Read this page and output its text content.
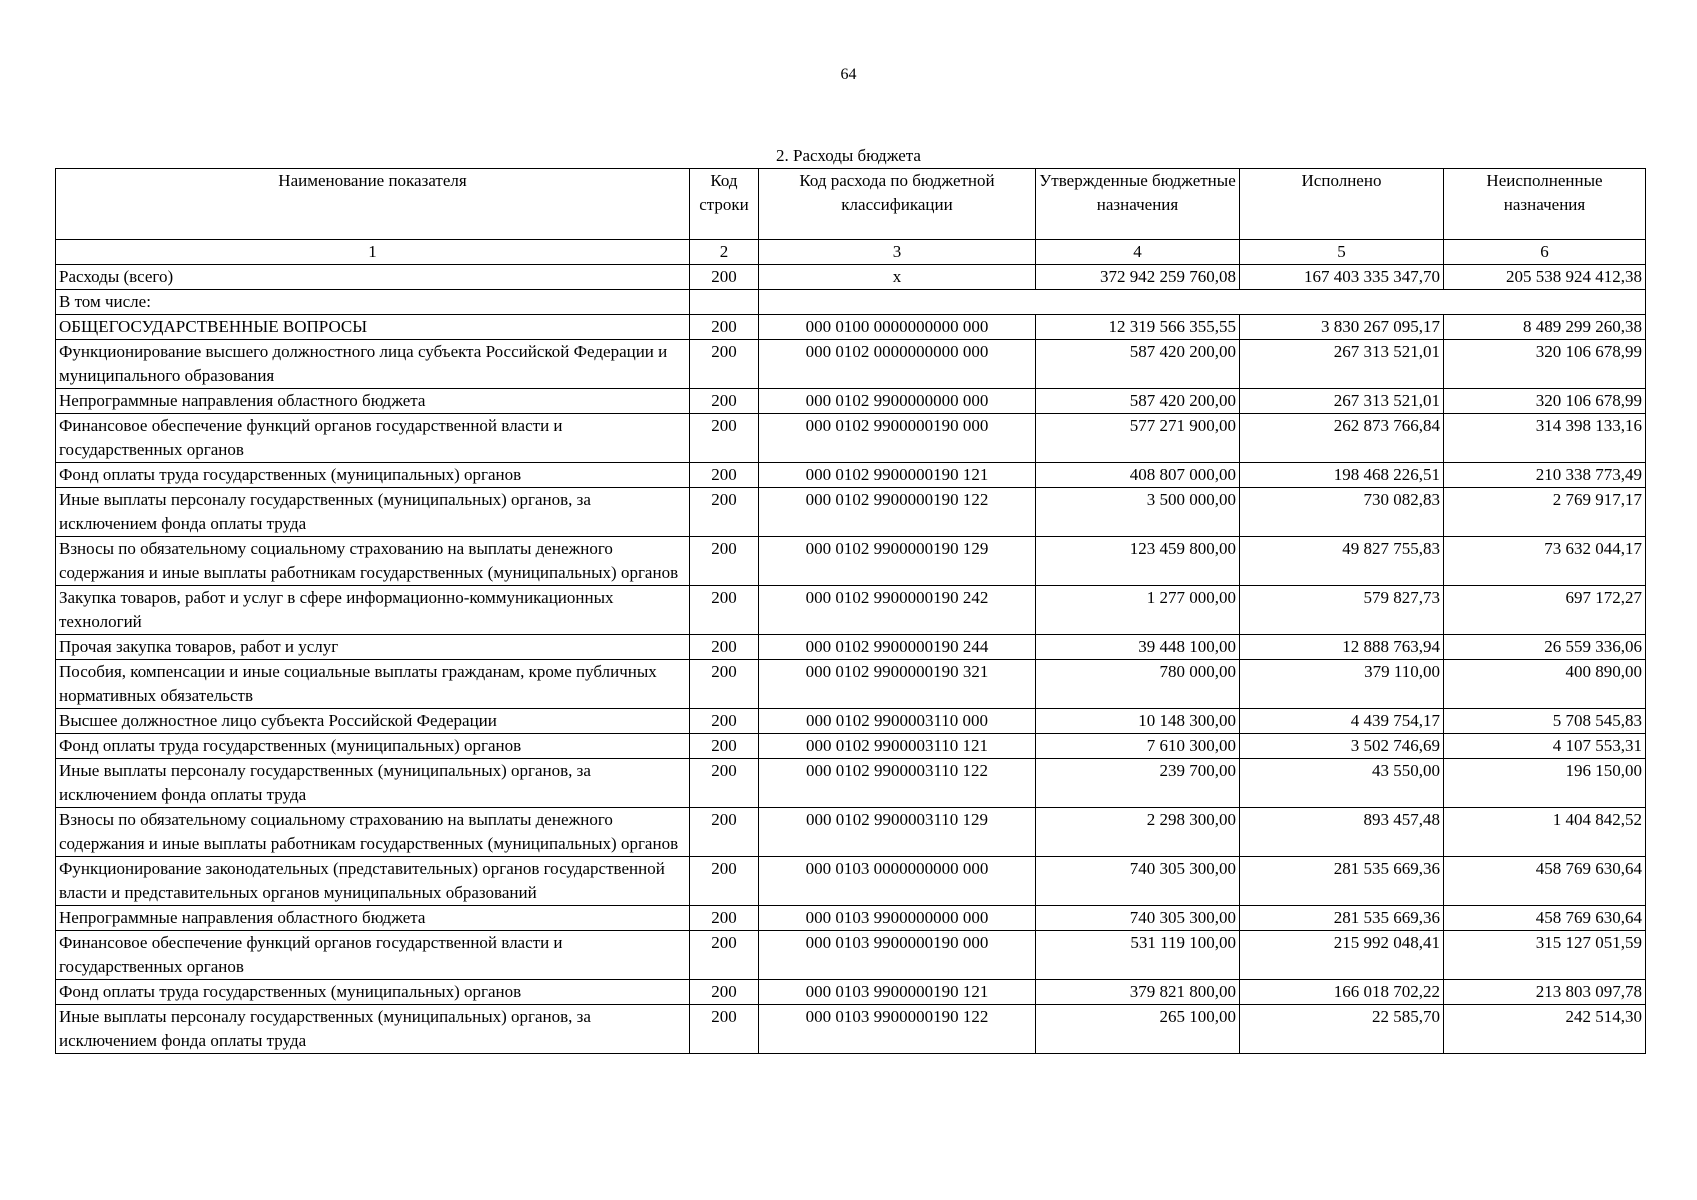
64
2. Расходы бюджета
Наименование показателя	Код строки	Код расхода по бюджетной классификации	Утвержденные бюджетные назначения	Исполнено	Неисполненные назначения
1	2	3	4	5	6
Расходы (всего)	200	x	372 942 259 760,08	167 403 335 347,70	205 538 924 412,38
В том числе:					
ОБЩЕГОСУДАРСТВЕННЫЕ ВОПРОСЫ	200	000 0100 0000000000 000	12 319 566 355,55	3 830 267 095,17	8 489 299 260,38
Функционирование высшего должностного лица субъекта Российской Федерации и муниципального образования	200	000 0102 0000000000 000	587 420 200,00	267 313 521,01	320 106 678,99
Непрограммные направления областного бюджета	200	000 0102 9900000000 000	587 420 200,00	267 313 521,01	320 106 678,99
Финансовое обеспечение функций органов государственной власти и государственных органов	200	000 0102 9900000190 000	577 271 900,00	262 873 766,84	314 398 133,16
Фонд оплаты труда государственных (муниципальных) органов	200	000 0102 9900000190 121	408 807 000,00	198 468 226,51	210 338 773,49
Иные выплаты персоналу государственных (муниципальных) органов, за исключением фонда оплаты труда	200	000 0102 9900000190 122	3 500 000,00	730 082,83	2 769 917,17
Взносы по обязательному социальному страхованию на выплаты денежного содержания и иные выплаты работникам государственных (муниципальных) органов	200	000 0102 9900000190 129	123 459 800,00	49 827 755,83	73 632 044,17
Закупка товаров, работ и услуг в сфере информационно-коммуникационных технологий	200	000 0102 9900000190 242	1 277 000,00	579 827,73	697 172,27
Прочая закупка товаров, работ и услуг	200	000 0102 9900000190 244	39 448 100,00	12 888 763,94	26 559 336,06
Пособия, компенсации и иные социальные выплаты гражданам, кроме публичных нормативных обязательств	200	000 0102 9900000190 321	780 000,00	379 110,00	400 890,00
Высшее должностное лицо субъекта Российской Федерации	200	000 0102 9900003110 000	10 148 300,00	4 439 754,17	5 708 545,83
Фонд оплаты труда государственных (муниципальных) органов	200	000 0102 9900003110 121	7 610 300,00	3 502 746,69	4 107 553,31
Иные выплаты персоналу государственных (муниципальных) органов, за исключением фонда оплаты труда	200	000 0102 9900003110 122	239 700,00	43 550,00	196 150,00
Взносы по обязательному социальному страхованию на выплаты денежного содержания и иные выплаты работникам государственных (муниципальных) органов	200	000 0102 9900003110 129	2 298 300,00	893 457,48	1 404 842,52
Функционирование законодательных (представительных) органов государственной власти и представительных органов муниципальных образований	200	000 0103 0000000000 000	740 305 300,00	281 535 669,36	458 769 630,64
Непрограммные направления областного бюджета	200	000 0103 9900000000 000	740 305 300,00	281 535 669,36	458 769 630,64
Финансовое обеспечение функций органов государственной власти и государственных органов	200	000 0103 9900000190 000	531 119 100,00	215 992 048,41	315 127 051,59
Фонд оплаты труда государственных (муниципальных) органов	200	000 0103 9900000190 121	379 821 800,00	166 018 702,22	213 803 097,78
Иные выплаты персоналу государственных (муниципальных) органов, за исключением фонда оплаты труда	200	000 0103 9900000190 122	265 100,00	22 585,70	242 514,30
